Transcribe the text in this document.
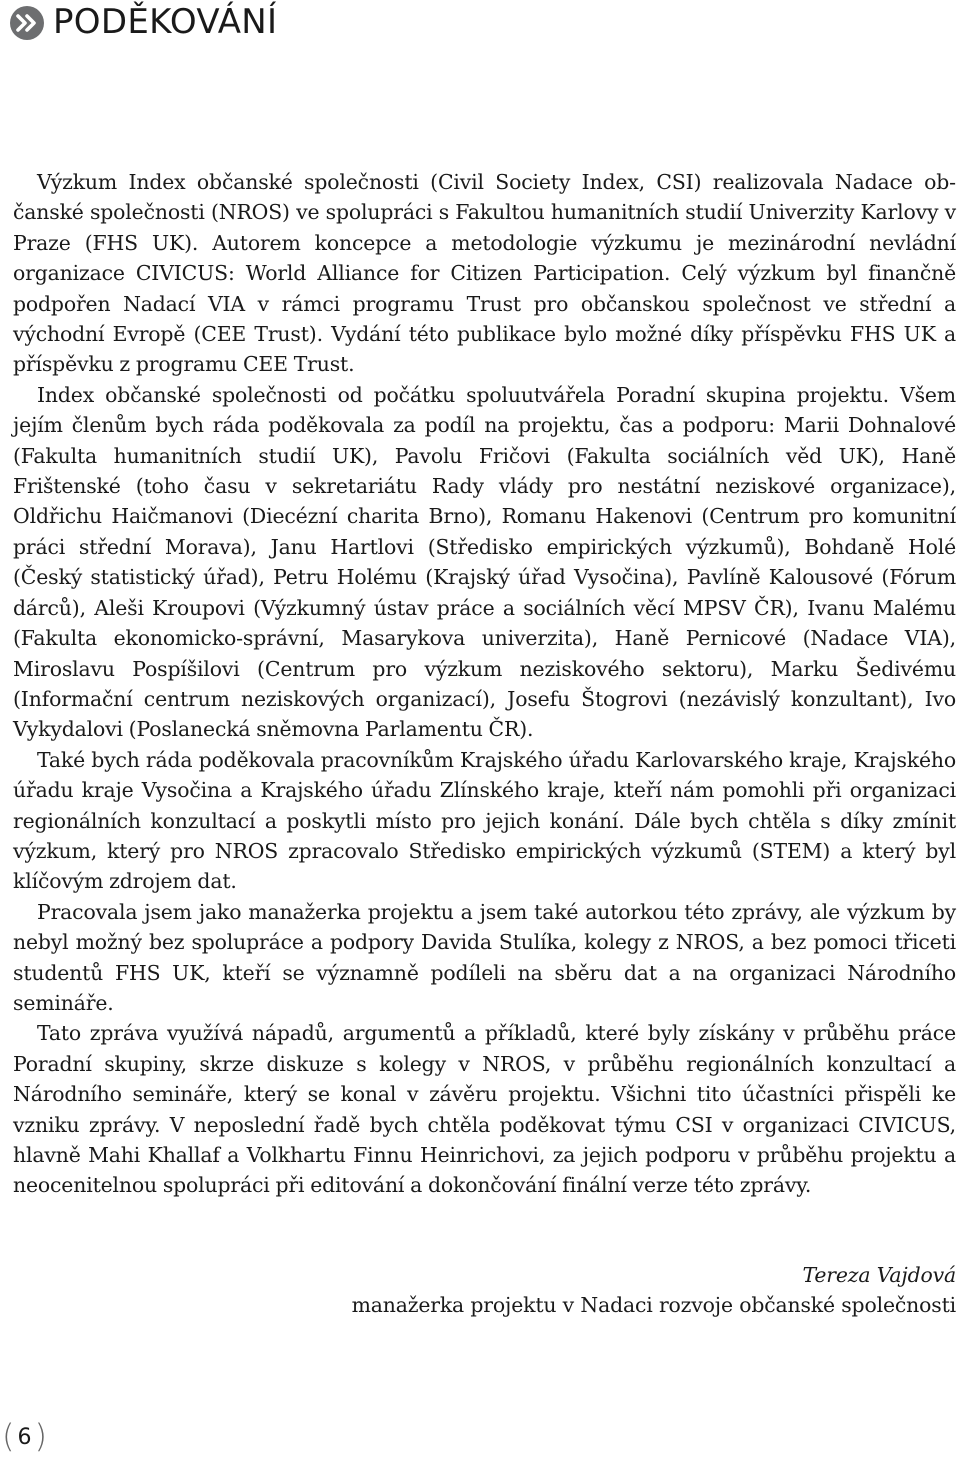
PODĚKOVÁNÍ

Výzkum Index občanské společnosti (Civil Society Index, CSI) realizovala Nadace občanské společnosti (NROS) ve spolupráci s Fakultou humanitních studií Univerzity Karlovy v Praze (FHS UK). Autorem koncepce a metodologie výzkumu je mezinárodní nevládní organizace CIVICUS: World Alliance for Citizen Participation. Celý výzkum byl finančně podpořen Nadací VIA v rámci programu Trust pro občanskou společnost ve střední a východní Evropě (CEE Trust). Vydání této publikace bylo možné díky příspěvku FHS UK a příspěvku z programu CEE Trust.

Index občanské společnosti od počátku spoluutvářela Poradní skupina projektu. Všem jejím členům bych ráda poděkovala za podíl na projektu, čas a podporu: Marii Dohnalové (Fakulta humanitních studií UK), Pavolu Fričovi (Fakulta sociálních věd UK), Haně Frištenské (toho času v sekretariátu Rady vlády pro nestátní neziskové organizace), Oldřichu Haičmanovi (Diecézní charita Brno), Romanu Hakenovi (Centrum pro komunitní práci střední Morava), Janu Hartlovi (Středisko empirických výzkumů), Bohdaně Holé (Český statistický úřad), Petru Holému (Krajský úřad Vysočina), Pavlíně Kalousové (Fórum dárců), Aleši Kroupovi (Výzkumný ústav práce a sociálních věcí MPSV ČR), Ivanu Malému (Fakulta ekonomicko-správní, Masarykova univerzita), Haně Pernicové (Nadace VIA), Miroslavu Pospíšilovi (Centrum pro výzkum neziskového sektoru), Marku Šedivému (Informační centrum neziskových organizací), Josefu Štogrovi (nezávislý konzultant), Ivo Vykydalovi (Poslanecká sněmovna Parlamentu ČR).

Také bych ráda poděkovala pracovníkům Krajského úřadu Karlovarského kraje, Krajského úřadu kraje Vysočina a Krajského úřadu Zlínského kraje, kteří nám pomohli při organizaci regionálních konzultací a poskytli místo pro jejich konání. Dále bych chtěla s díky zmínit výzkum, který pro NROS zpracovalo Středisko empirických výzkumů (STEM) a který byl klíčovým zdrojem dat.

Pracovala jsem jako manažerka projektu a jsem také autorkou této zprávy, ale výzkum by nebyl možný bez spolupráce a podpory Davida Stulíka, kolegy z NROS, a bez pomoci třiceti studentů FHS UK, kteří se významně podíleli na sběru dat a na organizaci Národního semináře.

Tato zpráva využívá nápadů, argumentů a příkladů, které byly získány v průběhu práce Poradní skupiny, skrze diskuze s kolegy v NROS, v průběhu regionálních konzultací a Národního semináře, který se konal v závěru projektu. Všichni tito účastníci přispěli ke vzniku zprávy. V neposlední řadě bych chtěla poděkovat týmu CSI v organizaci CIVICUS, hlavně Mahi Khallaf a Volkhartu Finnu Heinrichovi, za jejich podporu v průběhu projektu a neocenitelnou spolupráci při editování a dokončování finální verze této zprávy.

Tereza Vajdová
manažerka projektu v Nadaci rozvoje občanské společnosti
( 6 )
